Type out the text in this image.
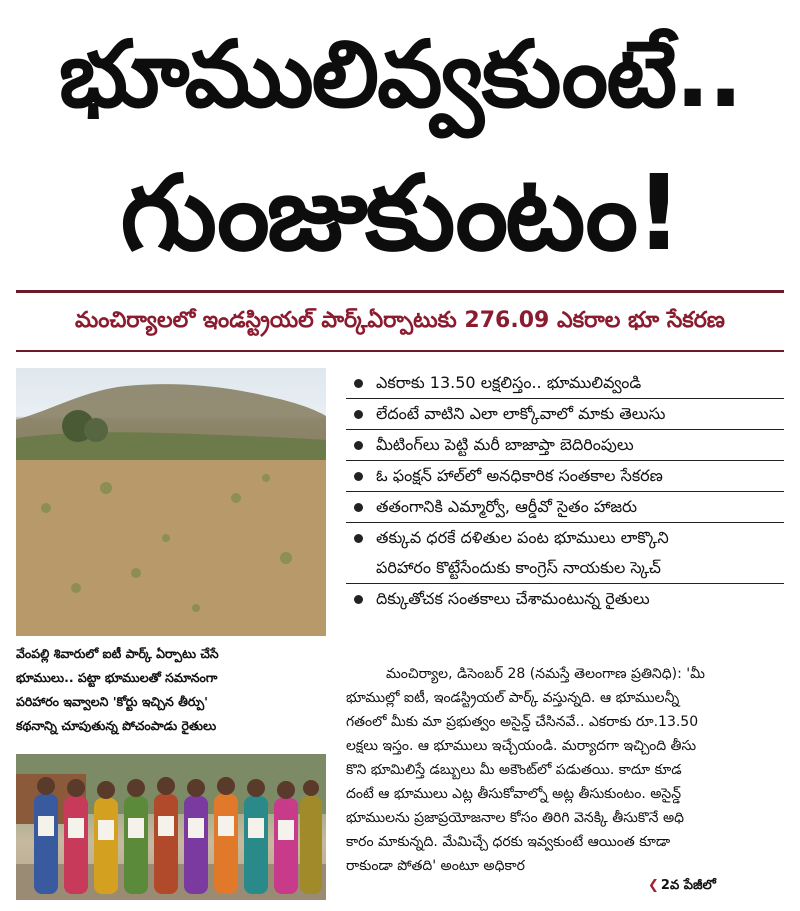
భూములివ్వకుంటే..
గుంజుకుంటం!
మంచిర్యాలలో ఇండస్ట్రియల్ పార్క్‌ఏర్పాటుకు 276.09 ఎకరాల భూ సేకరణ
వేంపల్లి శివారులో ఐటీ పార్క్ ఏర్పాటు చేసే
భూములు.. పట్టా భూములతో సమానంగా
పరిహారం ఇవ్వాలని 'కోర్టు ఇచ్చిన తీర్పు'
కథనాన్ని చూపుతున్న పోచంపాడు రైతులు
ఎకరాకు 13.50 లక్షలిస్తం.. భూములివ్వండి
లేదంటే వాటిని ఎలా లాక్కోవాలో మాకు తెలుసు
మీటింగ్‌లు పెట్టి మరీ బాజాప్తా బెదిరింపులు
ఓ ఫంక్షన్ హాల్‌లో అనధికారిక సంతకాల సేకరణ
తతంగానికి ఎమ్మార్వో, ఆర్డీవో సైతం హాజరు
తక్కువ ధరకే దళితుల పంట భూములు లాక్కొని
పరిహారం కొట్టేసేందుకు కాంగ్రెస్ నాయకుల స్కెచ్
దిక్కుతోచక సంతకాలు చేశామంటున్న రైతులు
మంచిర్యాల, డిసెంబర్ 28 (నమస్తే తెలంగాణ ప్రతినిధి): 'మీ
భూముల్లో ఐటీ, ఇండస్ట్రియల్ పార్క్ వస్తున్నది. ఆ భూములన్నీ
గతంలో మీకు మా ప్రభుత్వం అసైన్డ్ చేసినవే.. ఎకరాకు రూ.13.50
లక్షలు ఇస్తం. ఆ భూములు ఇచ్చేయండి. మర్యాదగా ఇచ్చింది తీసు
కొని భూమిలిస్తే డబ్బులు మీ అకౌంట్‌లో పడుతయి. కాదూ కూడ
దంటే ఆ భూములు ఎట్ల తీసుకోవాల్నో అట్ల తీసుకుంటం. అసైన్డ్
భూములను ప్రజాప్రయోజనాల కోసం తిరిగి వెనక్కి తీసుకొనే అధి
కారం మాకున్నది. మేమిచ్చే ధరకు ఇవ్వకుంటే ఆయింత కూడా
రాకుండా పోతది' అంటూ అధికార
❮ 2వ పేజీలో
